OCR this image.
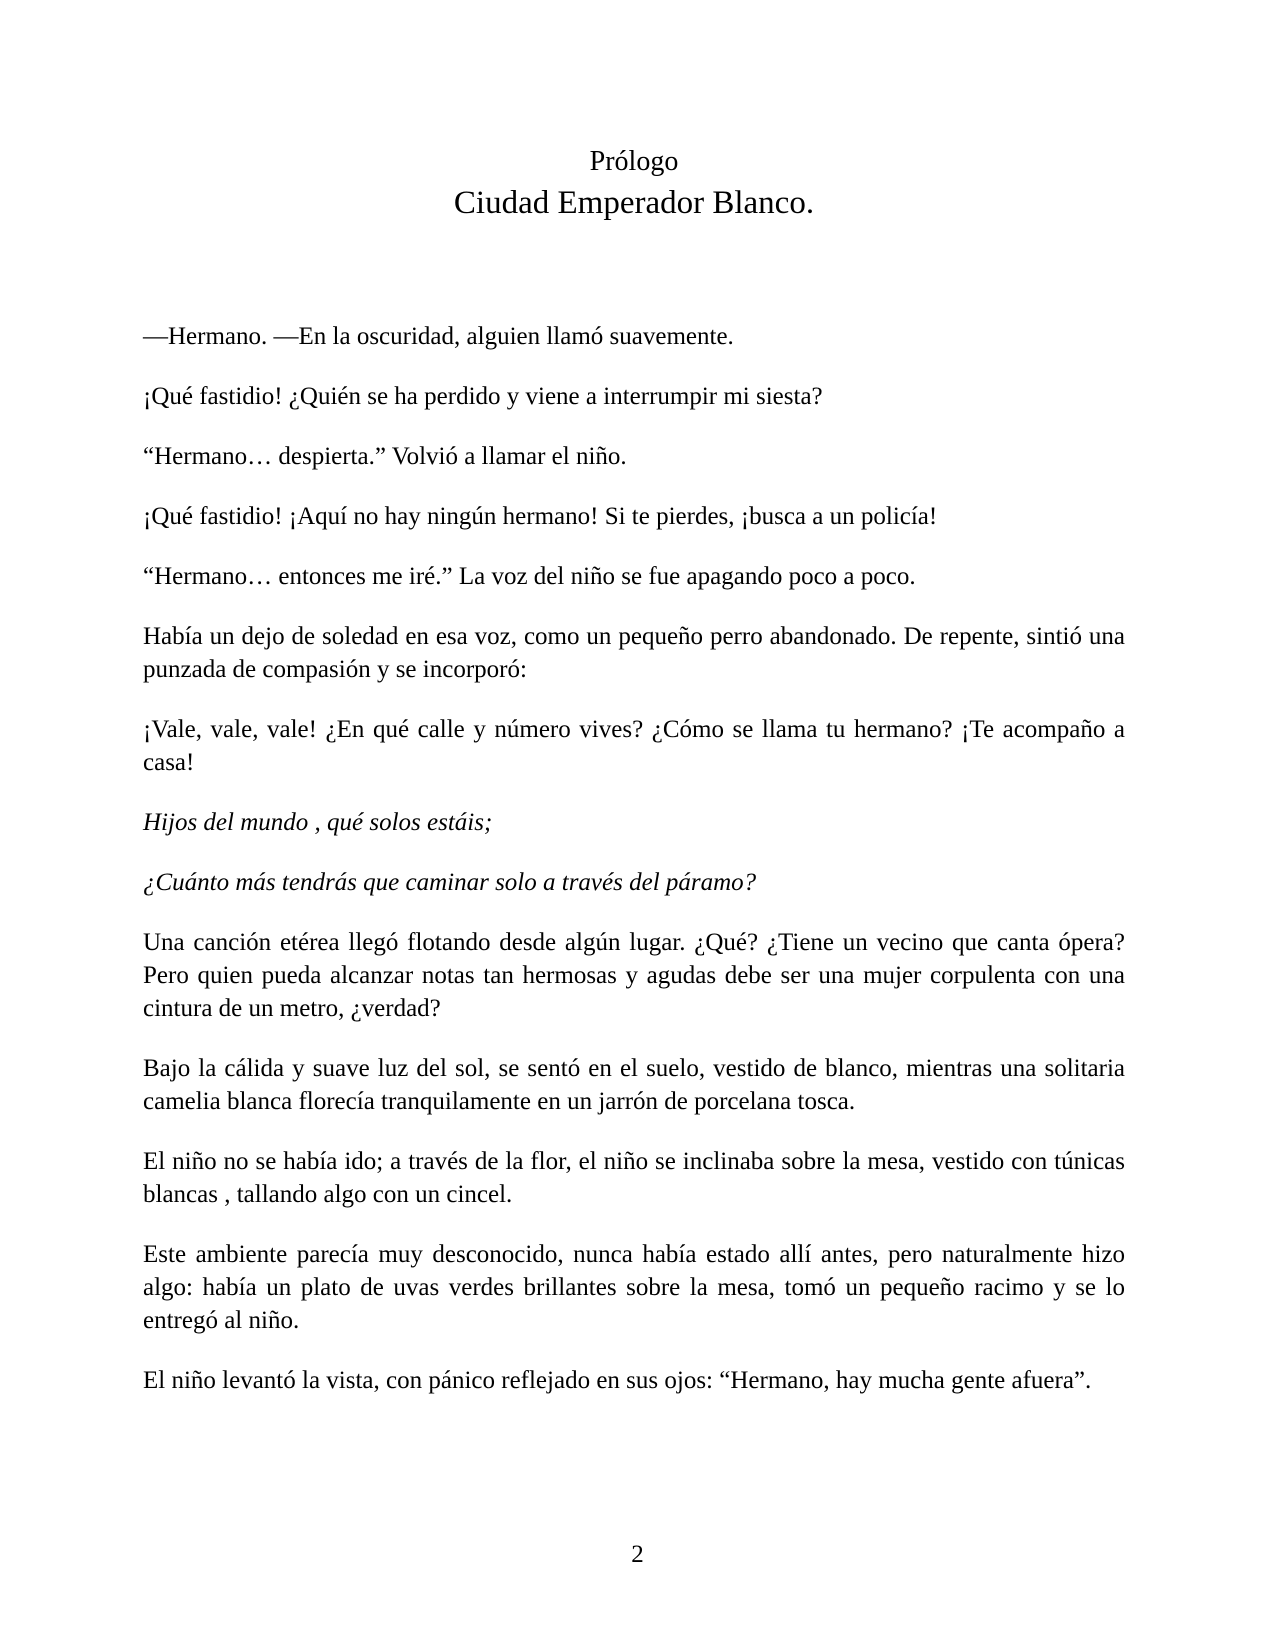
Prólogo
Ciudad Emperador Blanco.

—Hermano. —En la oscuridad, alguien llamó suavemente.

¡Qué fastidio! ¿Quién se ha perdido y viene a interrumpir mi siesta?

“Hermano… despierta.” Volvió a llamar el niño.

¡Qué fastidio! ¡Aquí no hay ningún hermano! Si te pierdes, ¡busca a un policía!

“Hermano… entonces me iré.” La voz del niño se fue apagando poco a poco.

Había un dejo de soledad en esa voz, como un pequeño perro abandonado. De repente, sintió una punzada de compasión y se incorporó:

¡Vale, vale, vale! ¿En qué calle y número vives? ¿Cómo se llama tu hermano? ¡Te acompaño a casa!

Hijos del mundo , qué solos estáis;

¿Cuánto más tendrás que caminar solo a través del páramo?

Una canción etérea llegó flotando desde algún lugar. ¿Qué? ¿Tiene un vecino que canta ópera? Pero quien pueda alcanzar notas tan hermosas y agudas debe ser una mujer corpulenta con una cintura de un metro, ¿verdad?

Bajo la cálida y suave luz del sol, se sentó en el suelo, vestido de blanco, mientras una solitaria camelia blanca florecía tranquilamente en un jarrón de porcelana tosca.

El niño no se había ido; a través de la flor, el niño se inclinaba sobre la mesa, vestido con túnicas blancas , tallando algo con un cincel.

Este ambiente parecía muy desconocido, nunca había estado allí antes, pero naturalmente hizo algo: había un plato de uvas verdes brillantes sobre la mesa, tomó un pequeño racimo y se lo entregó al niño.

El niño levantó la vista, con pánico reflejado en sus ojos: “Hermano, hay mucha gente afuera”.

2
